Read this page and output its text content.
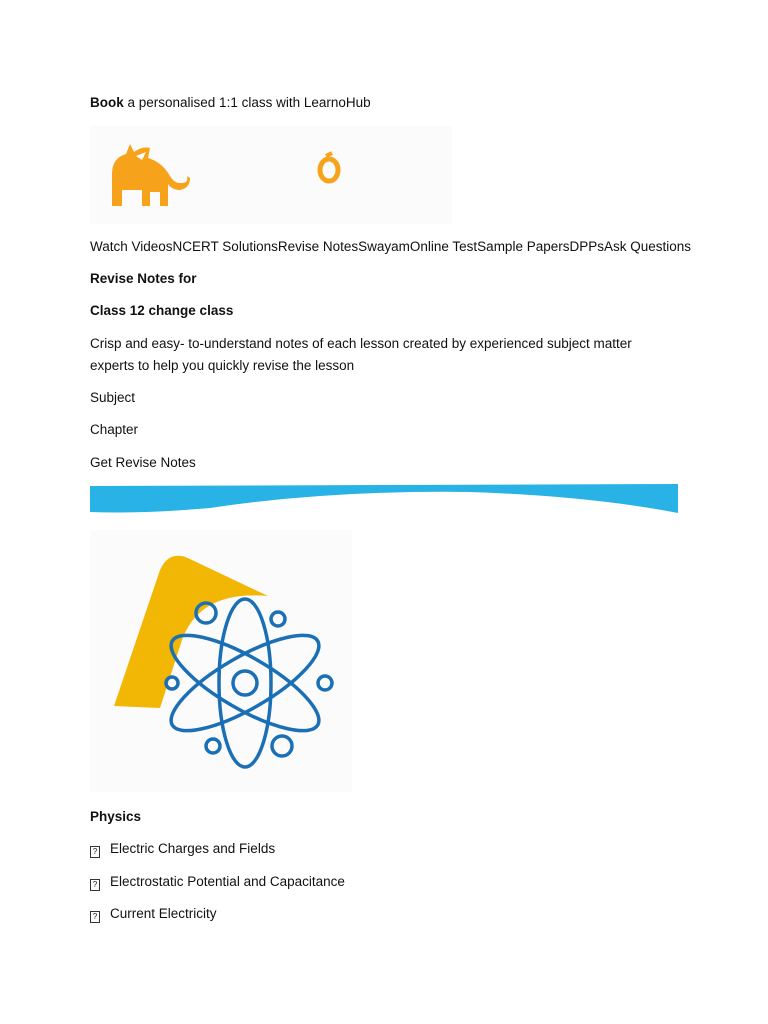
Book a personalised 1:1 class with LearnoHub
Watch VideosNCERT SolutionsRevise NotesSwayamOnline TestSample PapersDPPsAsk Questions
Revise Notes for
Class 12 change class
Crisp and easy- to-understand notes of each lesson created by experienced subject matter experts to help you quickly revise the lesson
Subject
Chapter
Get Revise Notes
Physics
? Electric Charges and Fields
? Electrostatic Potential and Capacitance
? Current Electricity
